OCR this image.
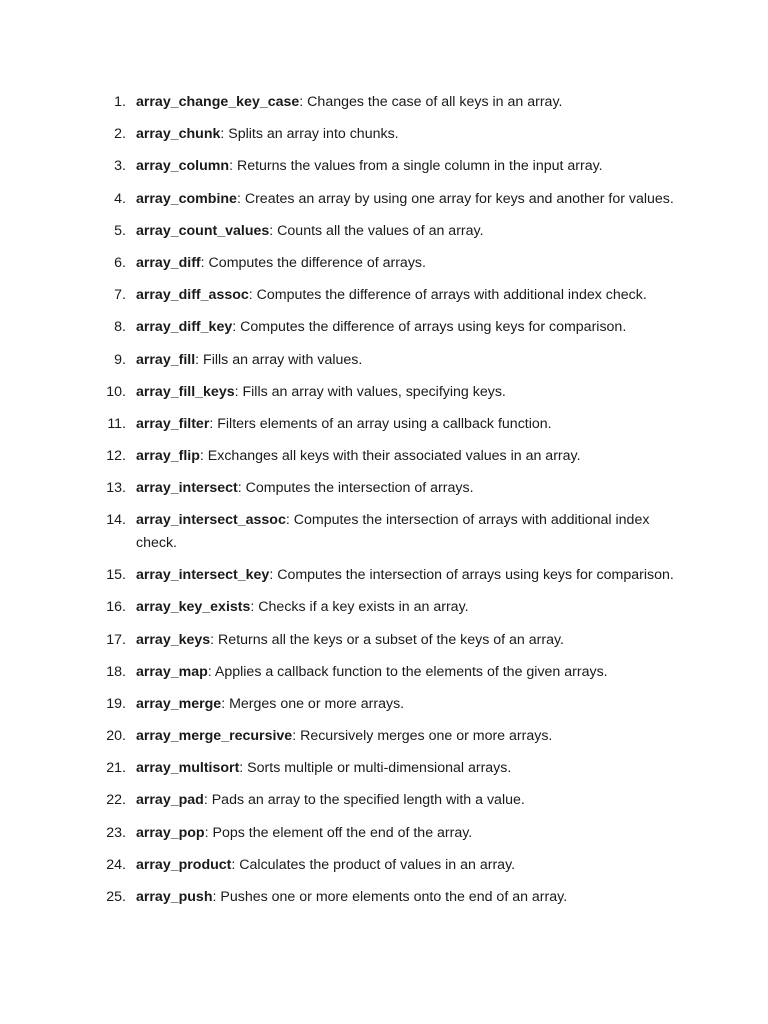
1. array_change_key_case: Changes the case of all keys in an array.
2. array_chunk: Splits an array into chunks.
3. array_column: Returns the values from a single column in the input array.
4. array_combine: Creates an array by using one array for keys and another for values.
5. array_count_values: Counts all the values of an array.
6. array_diff: Computes the difference of arrays.
7. array_diff_assoc: Computes the difference of arrays with additional index check.
8. array_diff_key: Computes the difference of arrays using keys for comparison.
9. array_fill: Fills an array with values.
10. array_fill_keys: Fills an array with values, specifying keys.
11. array_filter: Filters elements of an array using a callback function.
12. array_flip: Exchanges all keys with their associated values in an array.
13. array_intersect: Computes the intersection of arrays.
14. array_intersect_assoc: Computes the intersection of arrays with additional index check.
15. array_intersect_key: Computes the intersection of arrays using keys for comparison.
16. array_key_exists: Checks if a key exists in an array.
17. array_keys: Returns all the keys or a subset of the keys of an array.
18. array_map: Applies a callback function to the elements of the given arrays.
19. array_merge: Merges one or more arrays.
20. array_merge_recursive: Recursively merges one or more arrays.
21. array_multisort: Sorts multiple or multi-dimensional arrays.
22. array_pad: Pads an array to the specified length with a value.
23. array_pop: Pops the element off the end of the array.
24. array_product: Calculates the product of values in an array.
25. array_push: Pushes one or more elements onto the end of an array.
